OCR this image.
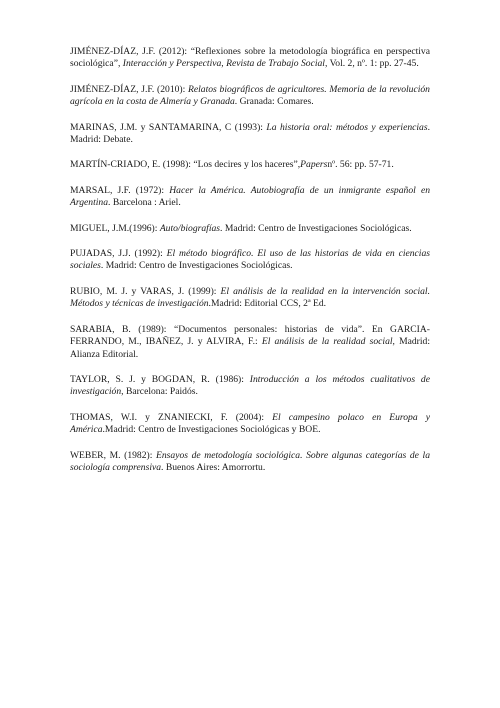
JIMÉNEZ-DÍAZ, J.F. (2012): “Reflexiones sobre la metodología biográfica en perspectiva sociológica”, Interacción y Perspectiva, Revista de Trabajo Social, Vol. 2, nº. 1: pp. 27-45.

JIMÉNEZ-DÍAZ, J.F. (2010): Relatos biográficos de agricultores. Memoria de la revolución agrícola en la costa de Almería y Granada. Granada: Comares.

MARINAS, J.M. y SANTAMARINA, C (1993): La historia oral: métodos y experiencias. Madrid: Debate.

MARTÍN-CRIADO, E. (1998): “Los decires y los haceres”,Papersnº. 56: pp. 57-71.

MARSAL, J.F. (1972): Hacer la América. Autobiografía de un inmigrante español en Argentina. Barcelona : Ariel.

MIGUEL, J.M.(1996): Auto/biografías. Madrid: Centro de Investigaciones Sociológicas.

PUJADAS, J.J. (1992): El método biográfico. El uso de las historias de vida en ciencias sociales. Madrid: Centro de Investigaciones Sociológicas.

RUBIO, M. J. y VARAS, J. (1999): El análisis de la realidad en la intervención social. Métodos y técnicas de investigación.Madrid: Editorial CCS, 2ª Ed.

SARABIA, B. (1989): “Documentos personales: historias de vida”. En GARCIA-FERRANDO, M., IBAÑEZ, J. y ALVIRA, F.: El análisis de la realidad social, Madrid: Alianza Editorial.

TAYLOR, S. J. y BOGDAN, R. (1986): Introducción a los métodos cualitativos de investigación, Barcelona: Paidós.

THOMAS, W.I. y ZNANIECKI, F. (2004): El campesino polaco en Europa y América.Madrid: Centro de Investigaciones Sociológicas y BOE.

WEBER, M. (1982): Ensayos de metodología sociológica. Sobre algunas categorías de la sociología comprensiva. Buenos Aires: Amorrortu.
